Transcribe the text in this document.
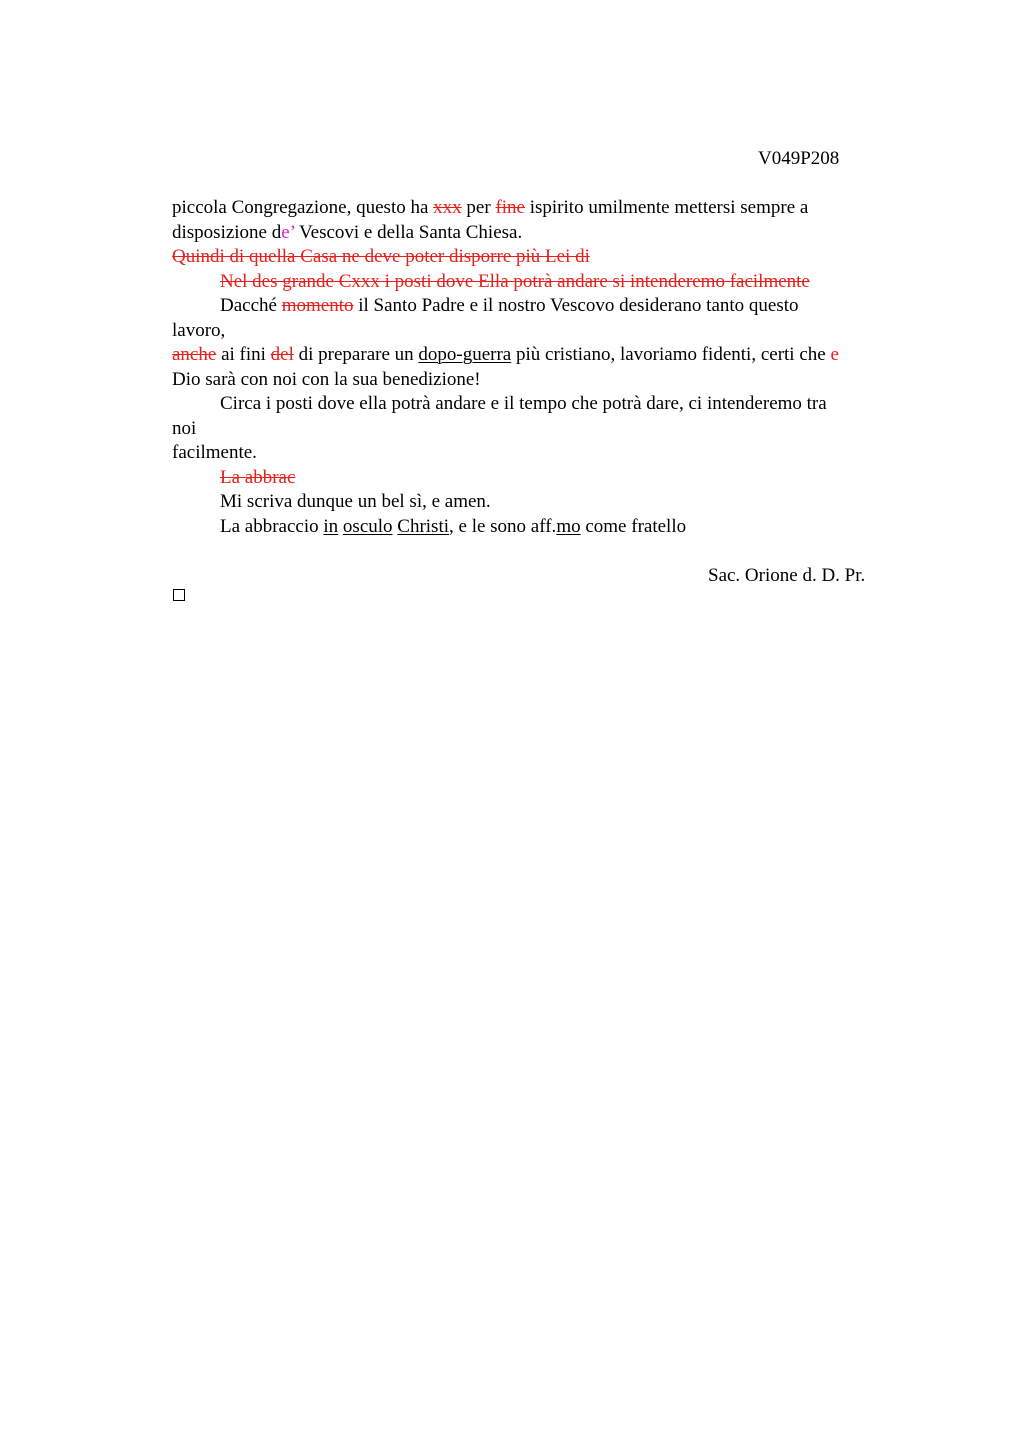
V049P208
piccola Congregazione, questo ha xxx per fine ispirito umilmente mettersi sempre a
disposizione de’ Vescovi e della Santa Chiesa.
Quindi di quella Casa ne deve poter disporre più Lei di
Nel des grande Cxxx i posti dove Ella potrà andare si intenderemo facilmente
Dacché momento il Santo Padre e il nostro Vescovo desiderano tanto questo
lavoro,
anche ai fini del di preparare un dopo-guerra più cristiano, lavoriamo fidenti, certi che e
Dio sarà con noi con la sua benedizione!
Circa i posti dove ella potrà andare e il tempo che potrà dare, ci intenderemo tra
noi
facilmente.
La abbrac
Mi scriva dunque un bel sì, e amen.
La abbraccio in osculo Christi, e le sono aff.mo come fratello
Sac. Orione d. D. Pr.
